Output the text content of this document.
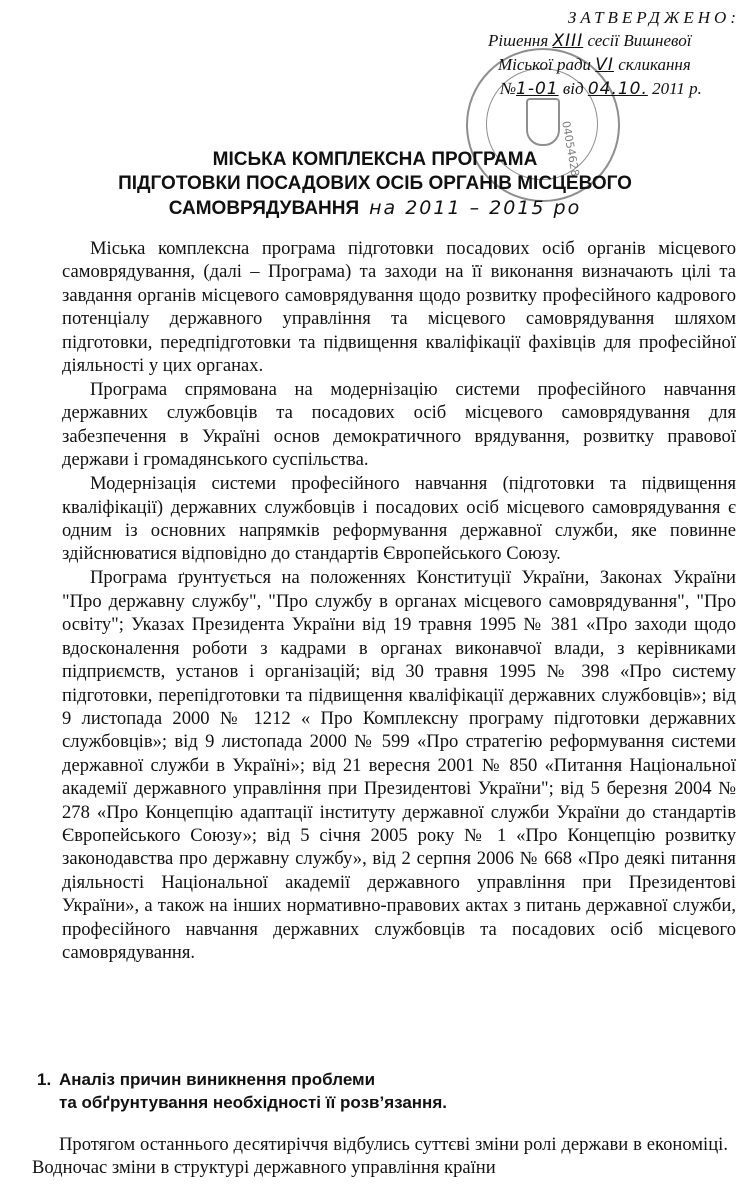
ЗАТВЕРДЖЕНО:
Рішення XIII сесії Вишневої
Міської ради VI скликання
№1-01 від 04.10. 2011 р.
04054628
МІСЬКА КОМПЛЕКСНА ПРОГРАМА
ПІДГОТОВКИ ПОСАДОВИХ ОСІБ ОРГАНІВ МІСЦЕВОГО
САМОВРЯДУВАННЯ на 2011 – 2015 ро

Міська комплексна програма підготовки посадових осіб органів місцевого самоврядування, (далі – Програма) та заходи на її виконання визначають цілі та завдання органів місцевого самоврядування щодо розвитку професійного кадрового потенціалу державного управління та місцевого самоврядування шляхом підготовки, передпідготовки та підвищення кваліфікації фахівців для професійної діяльності у цих органах.

Програма спрямована на модернізацію системи професійного навчання державних службовців та посадових осіб місцевого самоврядування для забезпечення в Україні основ демократичного врядування, розвитку правової держави і громадянського суспільства.

Модернізація системи професійного навчання (підготовки та підвищення кваліфікації) державних службовців і посадових осіб місцевого самоврядування є одним із основних напрямків реформування державної служби, яке повинне здійснюватися відповідно до стандартів Європейського Союзу.

Програма ґрунтується на положеннях Конституції України, Законах України "Про державну службу", "Про службу в органах місцевого самоврядування", "Про освіту"; Указах Президента України від 19 травня 1995 № 381 «Про заходи щодо вдосконалення роботи з кадрами в органах виконавчої влади, з керівниками підприємств, установ і організацій; від 30 травня 1995 № 398 «Про систему підготовки, перепідготовки та підвищення кваліфікації державних службовців»; від 9 листопада 2000 № 1212 « Про Комплексну програму підготовки державних службовців»; від 9 листопада 2000 № 599 «Про стратегію реформування системи державної служби в Україні»; від 21 вересня 2001 № 850 «Питання Національної академії державного управління при Президентові України"; від 5 березня 2004 № 278 «Про Концепцію адаптації інституту державної служби України до стандартів Європейського Союзу»; від 5 січня 2005 року № 1 «Про Концепцію розвитку законодавства про державну службу», від 2 серпня 2006 № 668 «Про деякі питання діяльності Національної академії державного управління при Президентові України», а також на інших нормативно-правових актах з питань державної служби, професійного навчання державних службовців та посадових осіб місцевого самоврядування.

1. Аналіз причин виникнення проблеми
та обґрунтування необхідності її розв’язання.

Протягом останнього десятиріччя відбулись суттєві зміни ролі держави в економіці. Водночас зміни в структурі державного управління країни
